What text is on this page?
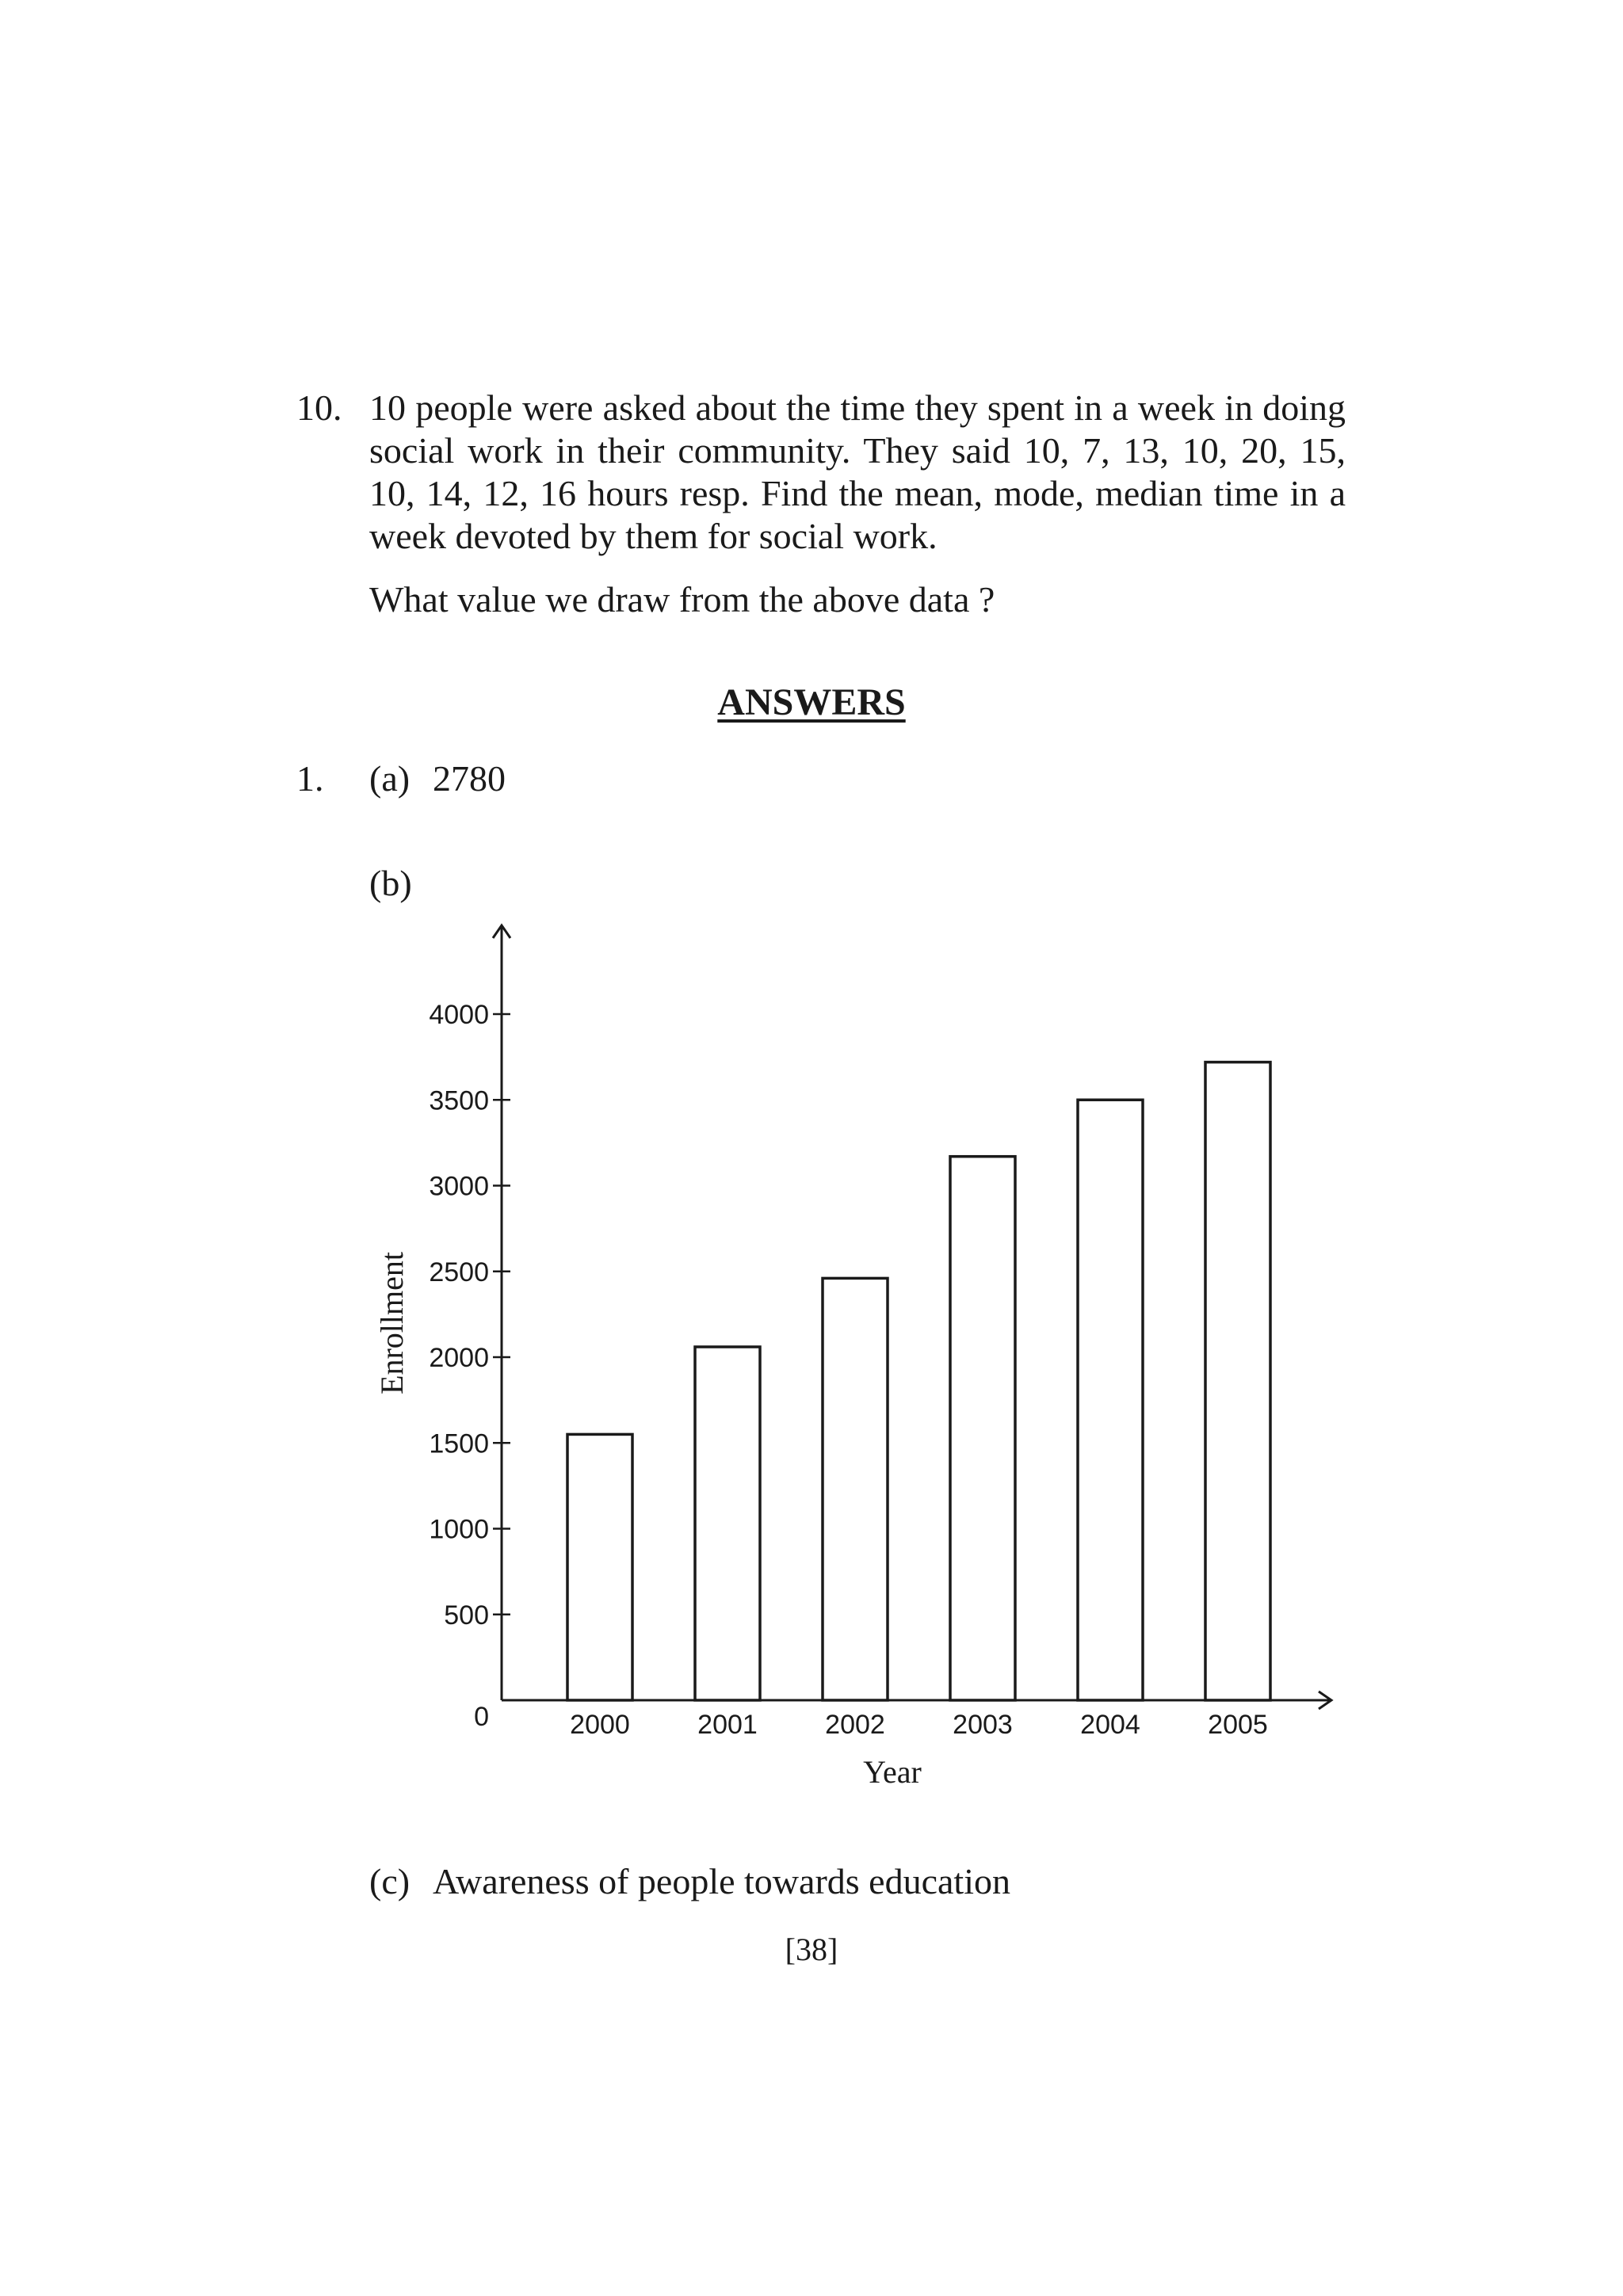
10. 10 people were asked about the time they spent in a week in doing social work in their community. They said 10, 7, 13, 10, 20, 15, 10, 14, 12, 16 hours resp. Find the mean, mode, median time in a week devoted by them for social work.
What value we draw from the above data ?
ANSWERS
1. (a) 2780
(b)
0
500
1000
1500
2000
2500
3000
3500
4000
2000	2001	2002	2003	2004	2005
Year
Enrollment
(c) Awareness of people towards education
[38]
